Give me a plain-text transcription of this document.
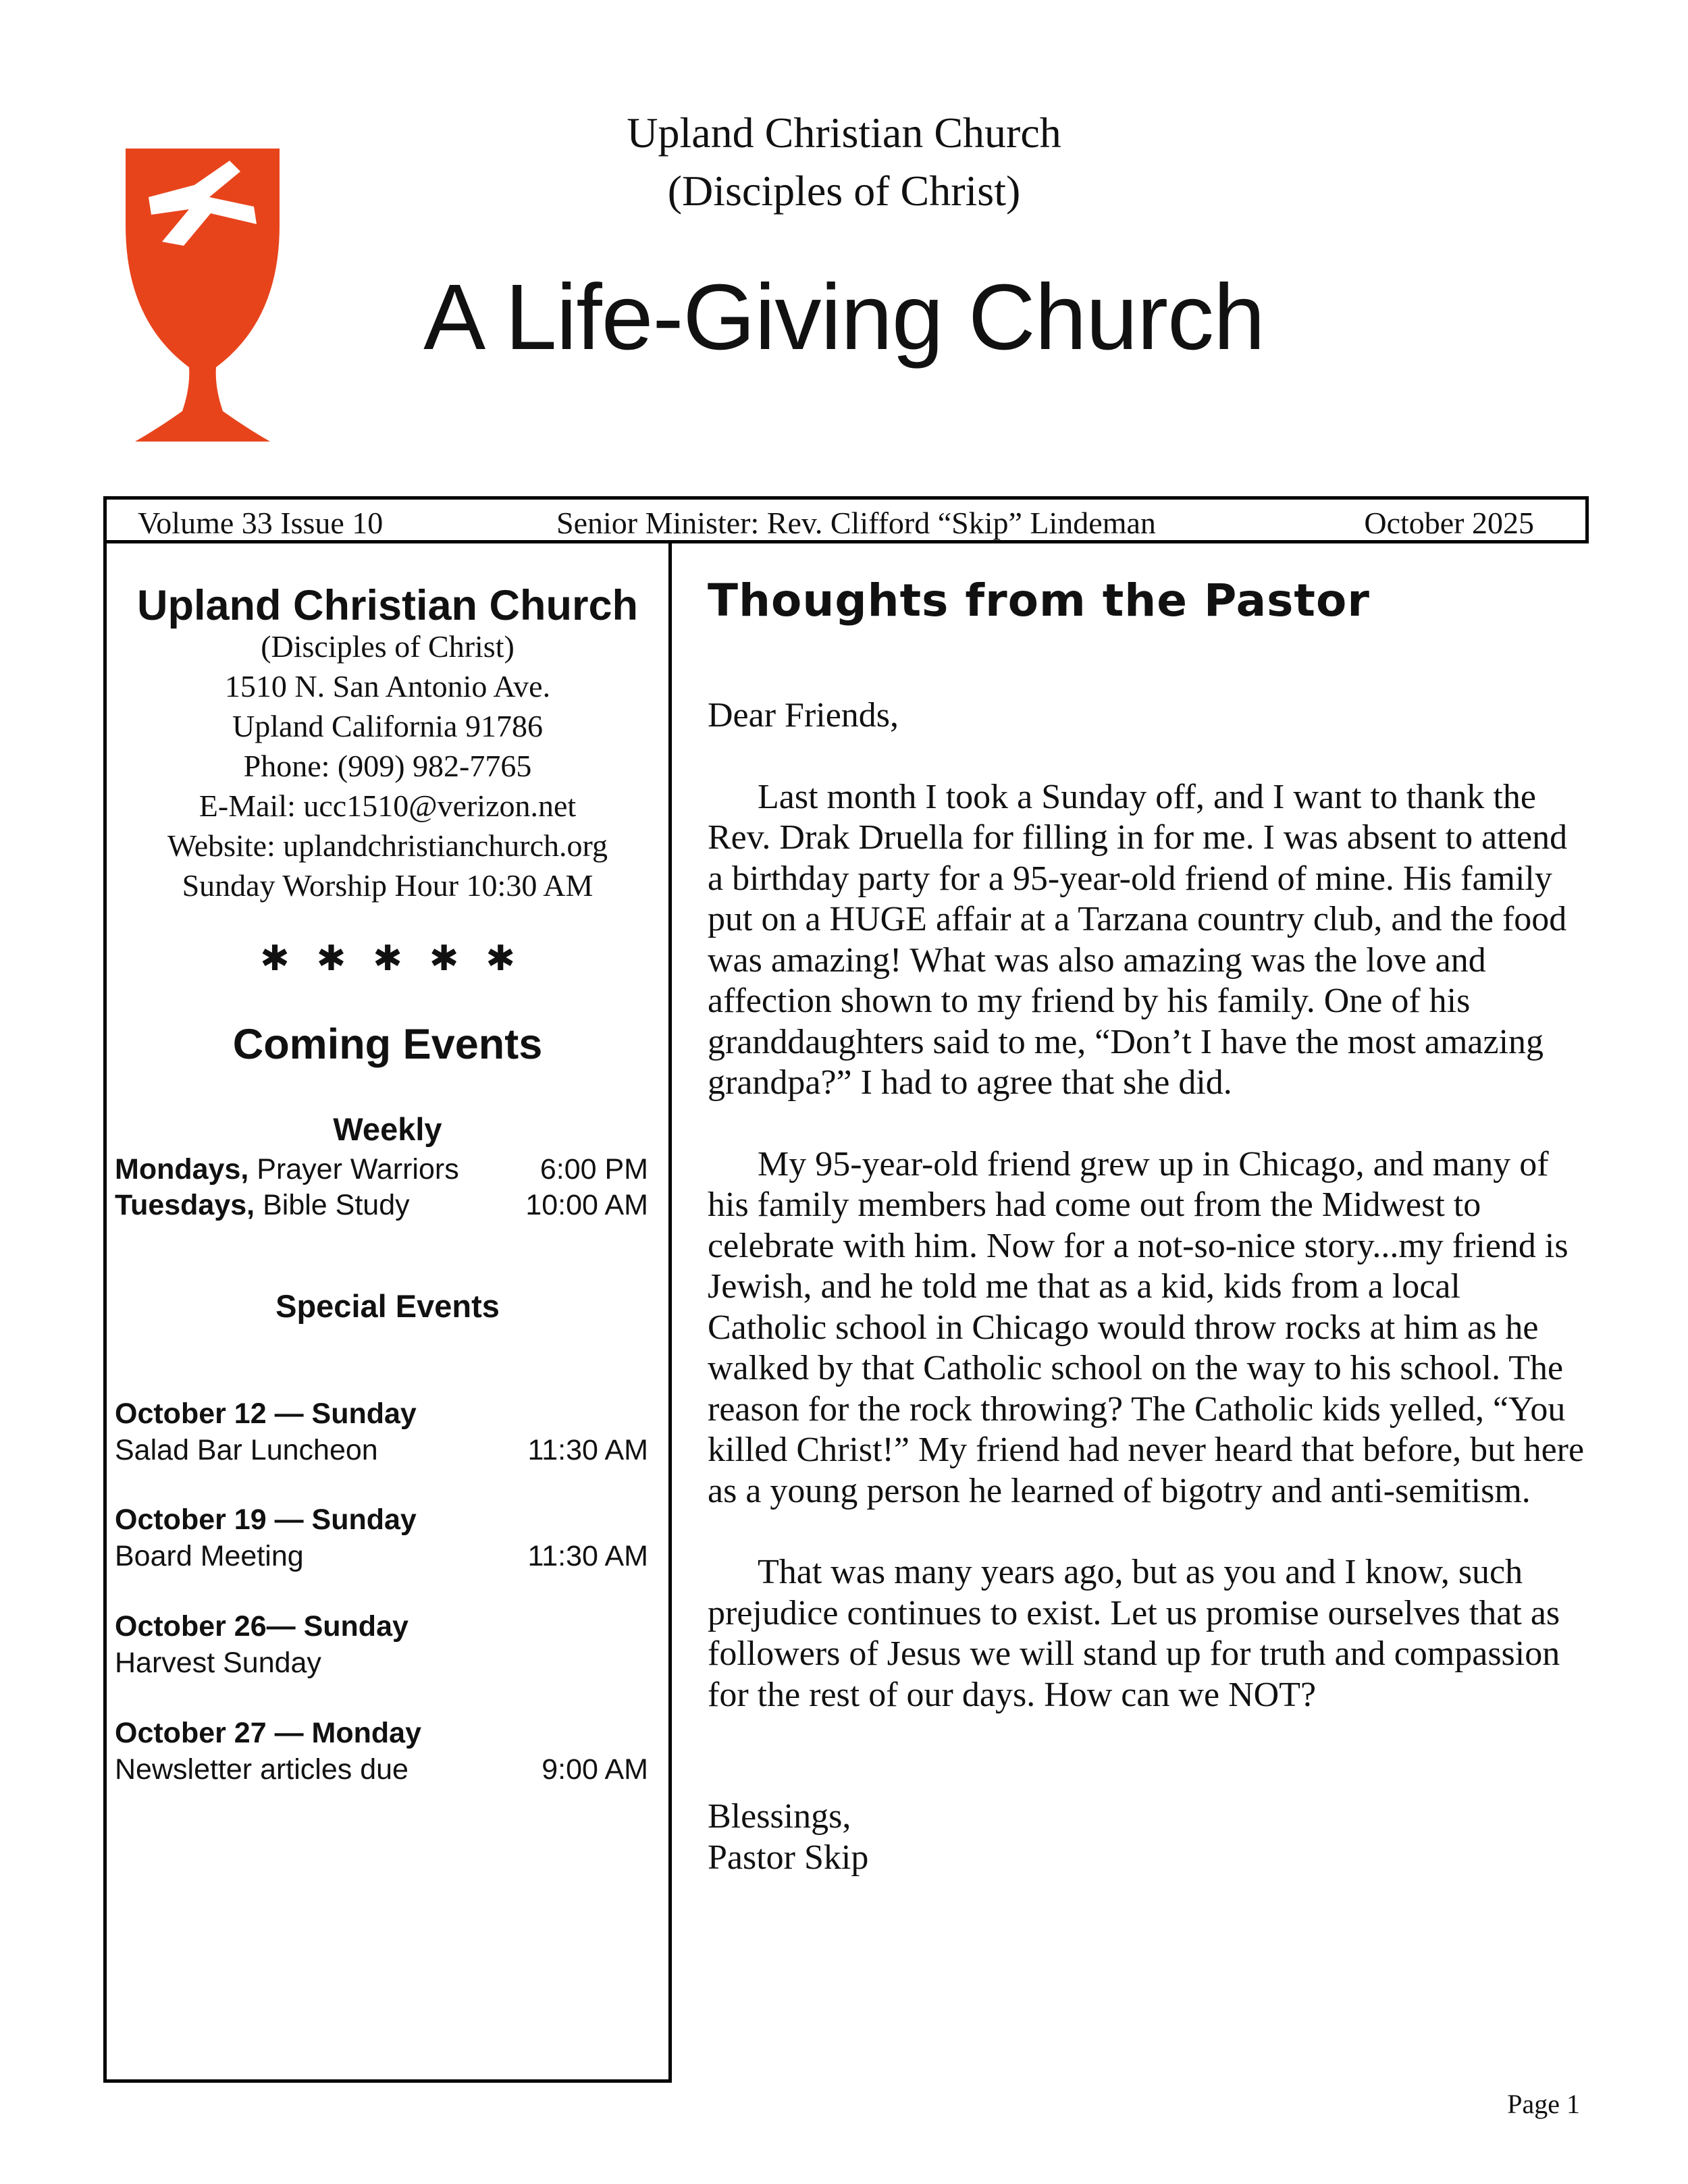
Upland Christian Church
(Disciples of Christ)
A Life-Giving Church
Volume 33 Issue 10	Senior Minister: Rev. Clifford “Skip” Lindeman	October 2025
Upland Christian Church
(Disciples of Christ)
1510 N. San Antonio Ave.
Upland California 91786
Phone: (909) 982-7765
E-Mail: ucc1510@verizon.net
Website: uplandchristianchurch.org
Sunday Worship Hour 10:30 AM
✱✱✱✱✱
Coming Events
Weekly
Mondays, Prayer Warriors	6:00 PM
Tuesdays, Bible Study	10:00 AM
Special Events
October 12 — Sunday
Salad Bar Luncheon	11:30 AM
October 19 — Sunday
Board Meeting	11:30 AM
October 26— Sunday
Harvest Sunday
October 27 — Monday
Newsletter articles due	9:00 AM
Thoughts from the Pastor

Dear Friends,

Last month I took a Sunday off, and I want to thank the Rev. Drak Druella for filling in for me. I was absent to attend a birthday party for a 95-year-old friend of mine. His family put on a HUGE affair at a Tarzana country club, and the food was amazing! What was also amazing was the love and affection shown to my friend by his family. One of his granddaughters said to me, “Don’t I have the most amazing grandpa?” I had to agree that she did.

My 95-year-old friend grew up in Chicago, and many of his family members had come out from the Midwest to celebrate with him. Now for a not-so-nice story...my friend is Jewish, and he told me that as a kid, kids from a local Catholic school in Chicago would throw rocks at him as he walked by that Catholic school on the way to his school. The reason for the rock throwing? The Catholic kids yelled, “You killed Christ!” My friend had never heard that before, but here as a young person he learned of bigotry and anti-semitism.

That was many years ago, but as you and I know, such prejudice continues to exist. Let us promise ourselves that as followers of Jesus we will stand up for truth and compassion for the rest of our days. How can we NOT?

Blessings,

Pastor Skip

Page 1
